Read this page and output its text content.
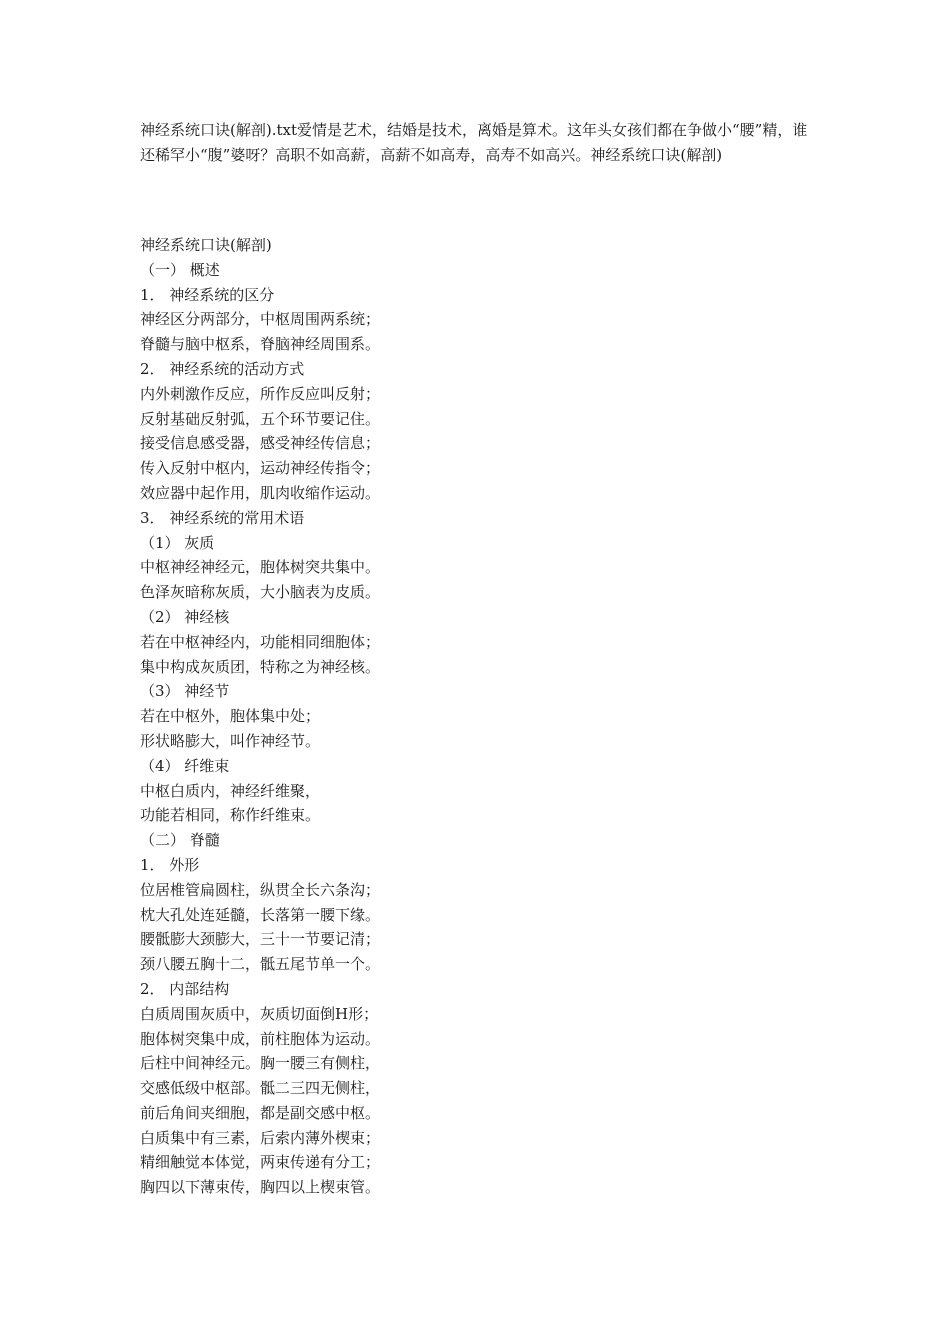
神经系统口诀(解剖).txt爱情是艺术，结婚是技术，离婚是算术。这年头女孩们都在争做小“腰”精，谁还稀罕小“腹”婆呀？高职不如高薪，高薪不如高寿，高寿不如高兴。神经系统口诀(解剖)

神经系统口诀(解剖)
（一） 概述
1． 神经系统的区分
神经区分两部分，中枢周围两系统；
脊髓与脑中枢系，脊脑神经周围系。
2． 神经系统的活动方式
内外刺激作反应，所作反应叫反射；
反射基础反射弧，五个环节要记住。
接受信息感受器，感受神经传信息；
传入反射中枢内，运动神经传指令；
效应器中起作用，肌肉收缩作运动。
3． 神经系统的常用术语
（1） 灰质
中枢神经神经元，胞体树突共集中。
色泽灰暗称灰质，大小脑表为皮质。
（2） 神经核
若在中枢神经内，功能相同细胞体；
集中构成灰质团，特称之为神经核。
（3） 神经节
若在中枢外，胞体集中处；
形状略膨大，叫作神经节。
（4） 纤维束
中枢白质内，神经纤维聚，
功能若相同，称作纤维束。
（二） 脊髓
1． 外形
位居椎管扁圆柱，纵贯全长六条沟；
枕大孔处连延髓，长落第一腰下缘。
腰骶膨大颈膨大，三十一节要记清；
颈八腰五胸十二，骶五尾节单一个。
2． 内部结构
白质周围灰质中，灰质切面倒H形；
胞体树突集中成，前柱胞体为运动。
后柱中间神经元。胸一腰三有侧柱，
交感低级中枢部。骶二三四无侧柱，
前后角间夹细胞，都是副交感中枢。
白质集中有三素，后索内薄外楔束；
精细触觉本体觉，两束传递有分工；
胸四以下薄束传，胸四以上楔束管。
